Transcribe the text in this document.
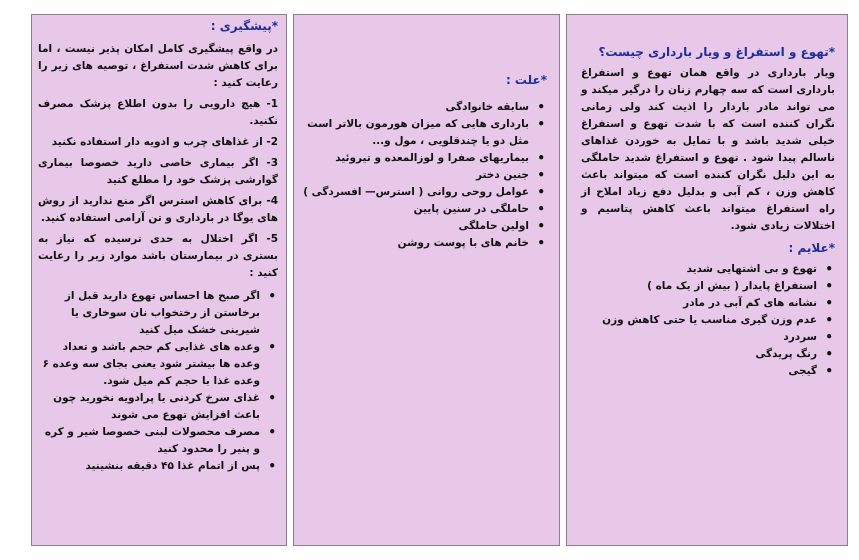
*تهوع و استفراغ و ویار بارداری چیست؟

ویار بارداری در واقع همان تهوع و استفراغ بارداری است که سه چهارم زنان را درگیر میکند و می تواند مادر باردار را اذیت کند ولی زمانی نگران کننده است که با شدت تهوع و استفراغ خیلی شدید باشد و با تمایل به خوردن غذاهای ناسالم پیدا شود . تهوع و استفراغ شدید حاملگی به این دلیل نگران کننده است که میتواند باعث کاهش وزن ، کم آبی و بدلیل دفع زیاد املاح از راه استفراغ میتواند باعث کاهش پتاسیم و اختلالات زیادی شود.

*علایم :

• تهوع و بی اشتهایی شدید
• استفراغ پایدار ( بیش از یک ماه )
• نشانه های کم آبی در مادر
• عدم وزن گیری مناسب یا حتی کاهش وزن
• سردرد
• رنگ پریدگی
• گیجی

*علت :

• سابقه خانوادگی
• بارداری هایی که میزان هورمون بالاتر است مثل دو یا چندقلویی ، مول و...
• بیماریهای صفرا و لوزالمعده و تیروئید
• جنین دختر
• عوامل روحی روانی ( استرس— افسردگی )
• حاملگی در سنین پایین
• اولین حاملگی
• خانم های با پوست روشن

*پیشگیری :

در واقع پیشگیری کامل امکان پذیر نیست ، اما برای کاهش شدت استفراغ ، توصیه های زیر را رعایت کنید :

1- هیچ دارویی را بدون اطلاع پزشک مصرف نکنید.

2- از غذاهای چرب و ادویه دار استفاده نکنید

3- اگر بیماری خاصی دارید خصوصا بیماری گوارشی پزشک خود را مطلع کنید

4- برای کاهش استرس اگر منع ندارید از روش های یوگا در بارداری و تن آرامی استفاده کنید.

5- اگر اختلال به حدی ترسیده که نیاز به بستری در بیمارستان باشد موارد زیر را رعایت کنید :

• اگر صبح ها احساس تهوع دارید قبل از برخاستن از رختخواب نان سوخاری یا شیرینی خشک میل کنید
• وعده های غذایی کم حجم باشد و تعداد وعده ها بیشتر شود یعنی بجای سه وعده ۶ وعده غذا با حجم کم میل شود.
• غذای سرخ کردنی یا پرادویه نخورید چون باعث افزایش تهوع می شوند
• مصرف محصولات لبنی خصوصا شیر و کره و پنیر را محدود کنید
• پس از اتمام غذا ۴۵ دقیقه بنشینید
